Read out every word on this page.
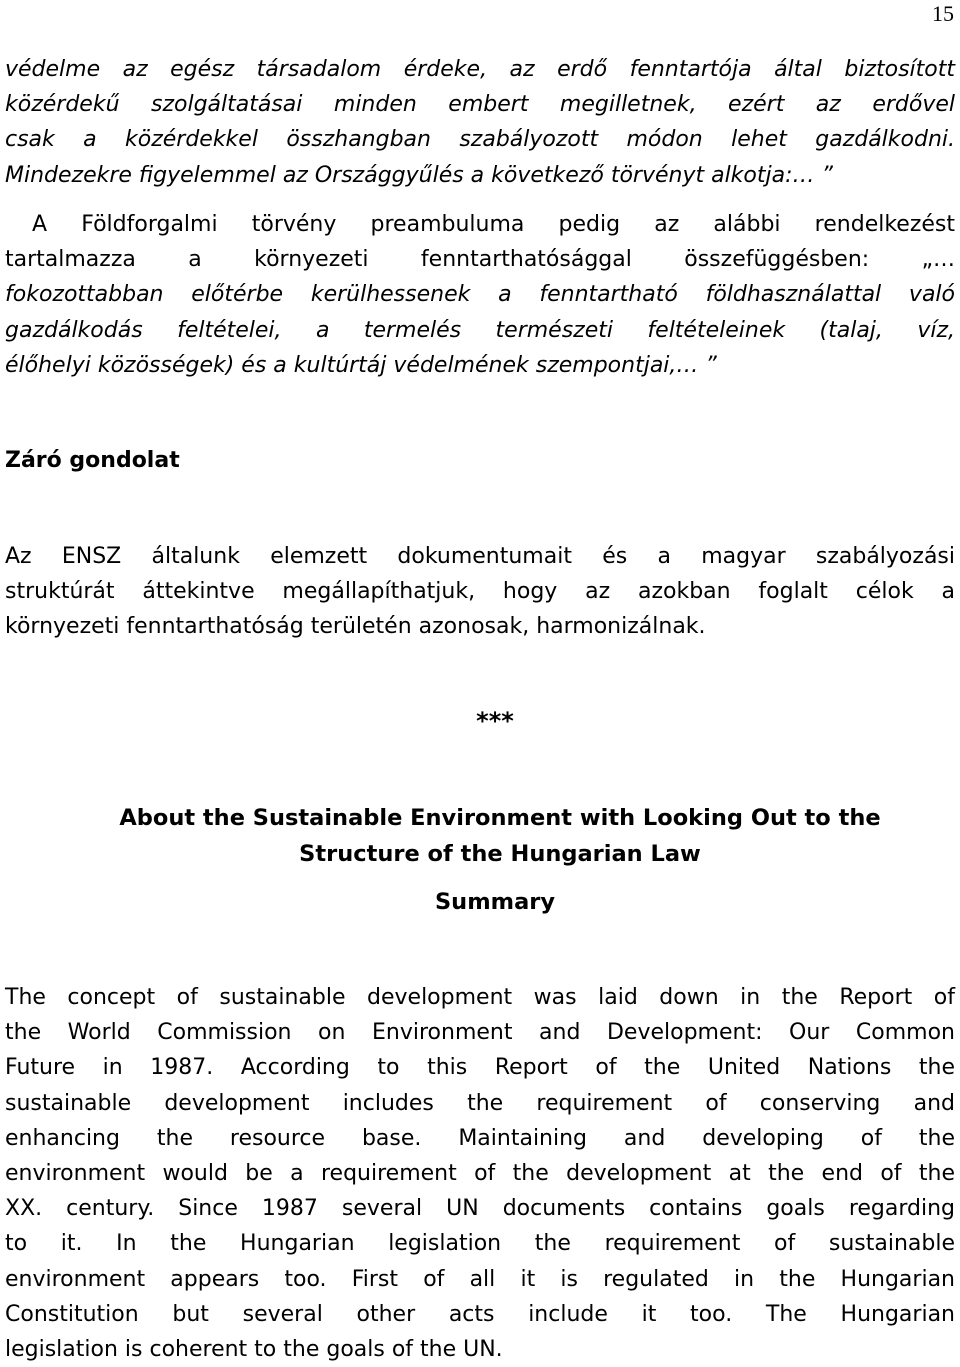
15
védelme az egész társadalom érdeke, az erdő fenntartója által biztosított
közérdekű szolgáltatásai minden embert megilletnek, ezért az erdővel
csak a közérdekkel összhangban szabályozott módon lehet gazdálkodni.
Mindezekre figyelemmel az Országgyűlés a következő törvényt alkotja:… ”
A Földforgalmi törvény preambuluma pedig az alábbi rendelkezést
tartalmazza a környezeti fenntarthatósággal összefüggésben: „…
fokozottabban előtérbe kerülhessenek a fenntartható földhasználattal való
gazdálkodás feltételei, a termelés természeti feltételeinek (talaj, víz,
élőhelyi közösségek) és a kultúrtáj védelmének szempontjai,… ”
Záró gondolat
Az ENSZ általunk elemzett dokumentumait és a magyar szabályozási
struktúrát áttekintve megállapíthatjuk, hogy az azokban foglalt célok a
környezeti fenntarthatóság területén azonosak, harmonizálnak.
***
About the Sustainable Environment with Looking Out to the
Structure of the Hungarian Law
Summary
The concept of sustainable development was laid down in the Report of
the World Commission on Environment and Development: Our Common
Future in 1987. According to this Report of the United Nations the
sustainable development includes the requirement of conserving and
enhancing the resource base. Maintaining and developing of the
environment would be a requirement of the development at the end of the
XX. century. Since 1987 several UN documents contains goals regarding
to it. In the Hungarian legislation the requirement of sustainable
environment appears too. First of all it is regulated in the Hungarian
Constitution but several other acts include it too. The Hungarian
legislation is coherent to the goals of the UN.
